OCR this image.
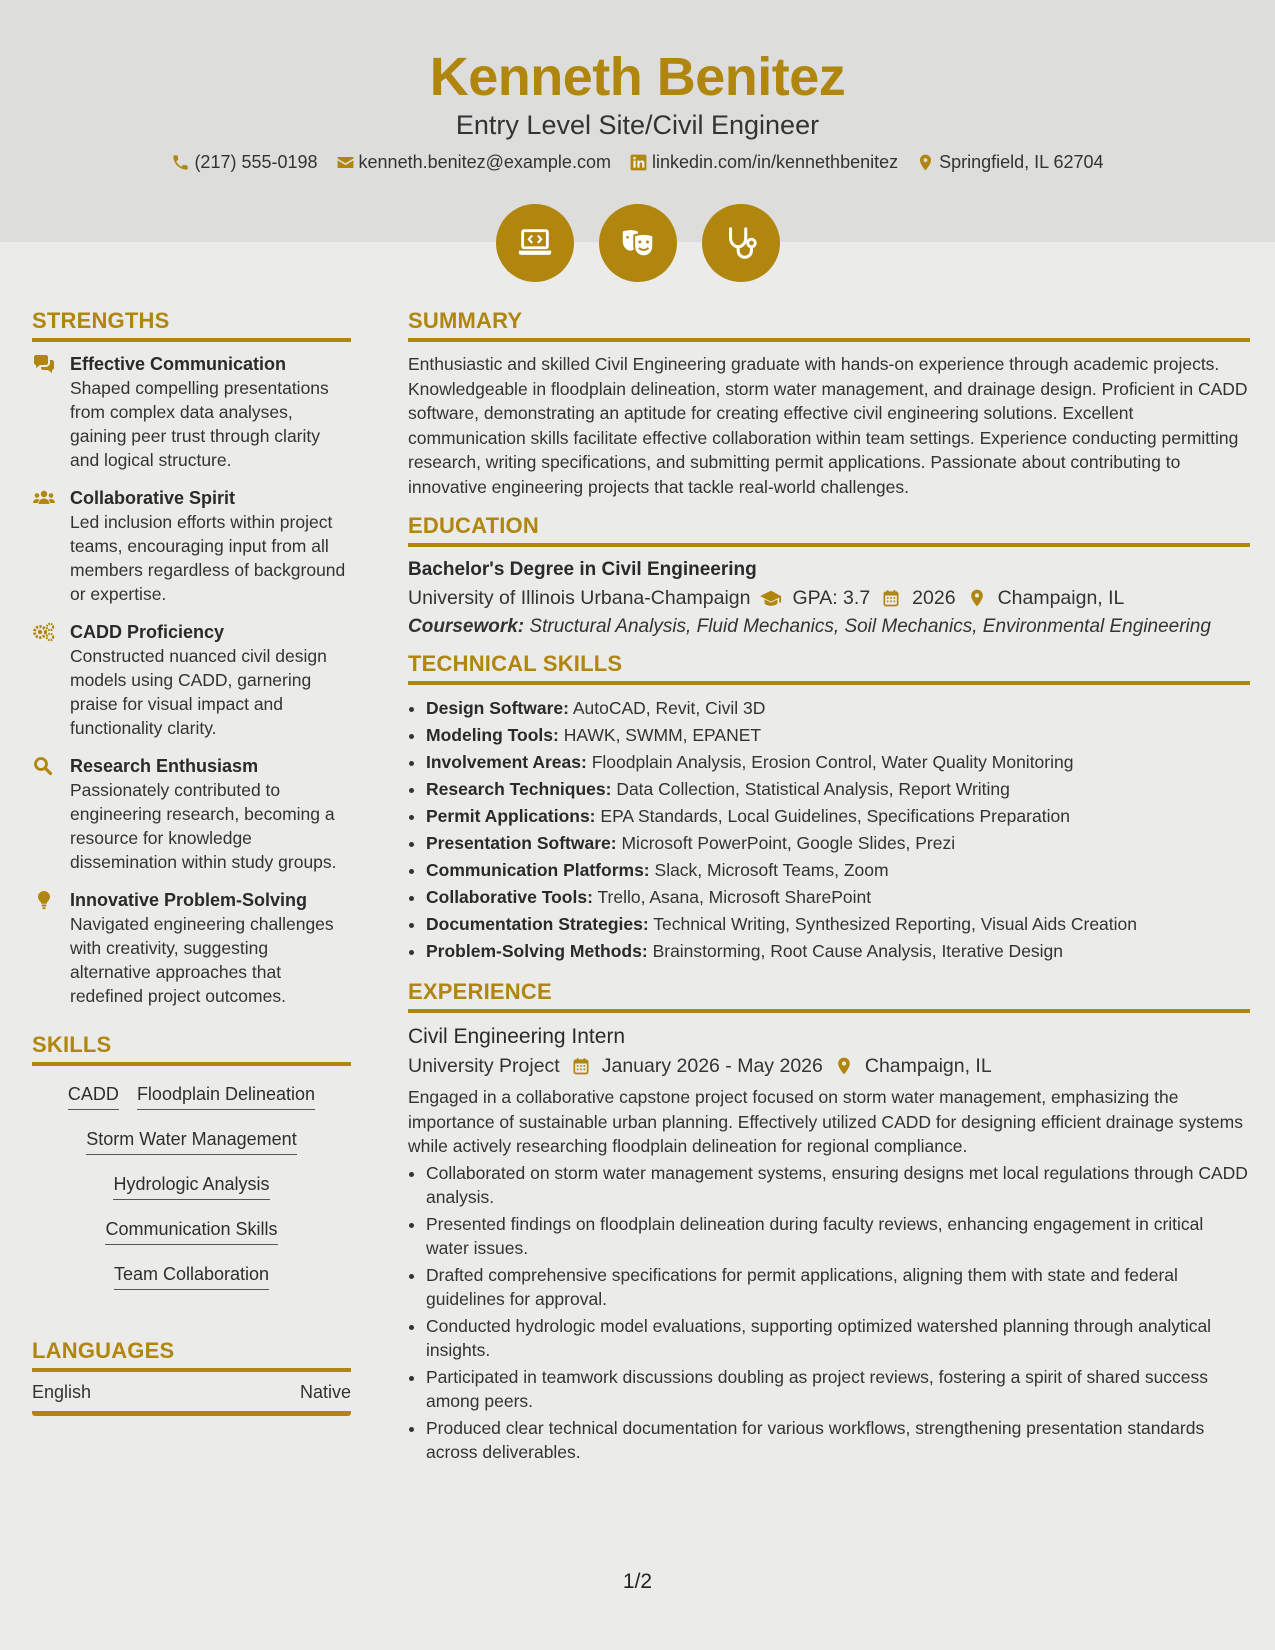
Kenneth Benitez
Entry Level Site/Civil Engineer
(217) 555-0198 kenneth.benitez@example.com linkedin.com/in/kennethbenitez Springfield, IL 62704
STRENGTHS
Effective Communication
Shaped compelling presentations from complex data analyses, gaining peer trust through clarity and logical structure.
Collaborative Spirit
Led inclusion efforts within project teams, encouraging input from all members regardless of background or expertise.
CADD Proficiency
Constructed nuanced civil design models using CADD, garnering praise for visual impact and functionality clarity.
Research Enthusiasm
Passionately contributed to engineering research, becoming a resource for knowledge dissemination within study groups.
Innovative Problem-Solving
Navigated engineering challenges with creativity, suggesting alternative approaches that redefined project outcomes.
SKILLS
CADD Floodplain Delineation
Storm Water Management
Hydrologic Analysis
Communication Skills
Team Collaboration
LANGUAGES
English	Native
SUMMARY
Enthusiastic and skilled Civil Engineering graduate with hands-on experience through academic projects. Knowledgeable in floodplain delineation, storm water management, and drainage design. Proficient in CADD software, demonstrating an aptitude for creating effective civil engineering solutions. Excellent communication skills facilitate effective collaboration within team settings. Experience conducting permitting research, writing specifications, and submitting permit applications. Passionate about contributing to innovative engineering projects that tackle real-world challenges.
EDUCATION
Bachelor's Degree in Civil Engineering
University of Illinois Urbana-Champaign GPA: 3.7 2026 Champaign, IL
Coursework: Structural Analysis, Fluid Mechanics, Soil Mechanics, Environmental Engineering
TECHNICAL SKILLS
• Design Software: AutoCAD, Revit, Civil 3D
• Modeling Tools: HAWK, SWMM, EPANET
• Involvement Areas: Floodplain Analysis, Erosion Control, Water Quality Monitoring
• Research Techniques: Data Collection, Statistical Analysis, Report Writing
• Permit Applications: EPA Standards, Local Guidelines, Specifications Preparation
• Presentation Software: Microsoft PowerPoint, Google Slides, Prezi
• Communication Platforms: Slack, Microsoft Teams, Zoom
• Collaborative Tools: Trello, Asana, Microsoft SharePoint
• Documentation Strategies: Technical Writing, Synthesized Reporting, Visual Aids Creation
• Problem-Solving Methods: Brainstorming, Root Cause Analysis, Iterative Design
EXPERIENCE
Civil Engineering Intern
University Project January 2026 - May 2026 Champaign, IL
Engaged in a collaborative capstone project focused on storm water management, emphasizing the importance of sustainable urban planning. Effectively utilized CADD for designing efficient drainage systems while actively researching floodplain delineation for regional compliance.
• Collaborated on storm water management systems, ensuring designs met local regulations through CADD analysis.
• Presented findings on floodplain delineation during faculty reviews, enhancing engagement in critical water issues.
• Drafted comprehensive specifications for permit applications, aligning them with state and federal guidelines for approval.
• Conducted hydrologic model evaluations, supporting optimized watershed planning through analytical insights.
• Participated in teamwork discussions doubling as project reviews, fostering a spirit of shared success among peers.
• Produced clear technical documentation for various workflows, strengthening presentation standards across deliverables.
1/2
